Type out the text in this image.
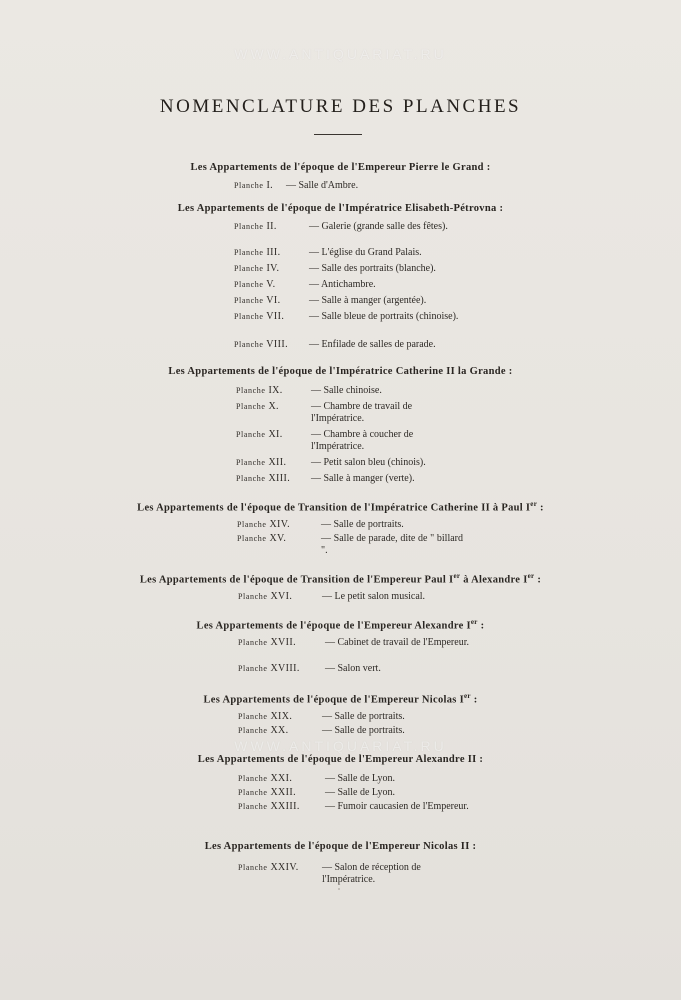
WWW.ANTIQUARIAT.RU
WWW.ANTIQUARIAT.RU
NOMENCLATURE DES PLANCHES
Les Appartements de l'époque de l'Empereur Pierre le Grand :
Planche I. — Salle d'Ambre.
Les Appartements de l'époque de l'Impératrice Elisabeth-Pétrovna :
Planche II.	— Galerie (grande salle des fêtes).
Planche III.	— L'église du Grand Palais.
Planche IV.	— Salle des portraits (blanche).
Planche V.	— Antichambre.
Planche VI.	— Salle à manger (argentée).
Planche VII. — Salle bleue de portraits (chinoise).
Planche VIII. — Enfilade de salles de parade.
Les Appartements de l'époque de l'Impératrice Catherine II la Grande :
Planche IX.	— Salle chinoise.
Planche X.	— Chambre de travail de l'Impératrice.
Planche XI.	— Chambre à coucher de l'Impératrice.
Planche XII. — Petit salon bleu (chinois).
Planche XIII. — Salle à manger (verte).
Les Appartements de l'époque de Transition de l'Impératrice Catherine II à Paul Ier :
Planche XIV.	— Salle de portraits.
Planche XV.	— Salle de parade, dite de " billard ".
Les Appartements de l'époque de Transition de l'Empereur Paul Ier à Alexandre Ier :
Planche XVI.	— Le petit salon musical.
Les Appartements de l'époque de l'Empereur Alexandre Ier :
Planche XVII.	— Cabinet de travail de l'Empereur.
Planche XVIII.	— Salon vert.
Les Appartements de l'époque de l'Empereur Nicolas Ier :
Planche XIX.	— Salle de portraits.
Planche XX.	— Salle de portraits.
Les Appartements de l'époque de l'Empereur Alexandre II :
Planche XXI.	— Salle de Lyon.
Planche XXII.	— Salle de Lyon.
Planche XXIII.	— Fumoir caucasien de l'Empereur.
Les Appartements de l'époque de l'Empereur Nicolas II :
Planche XXIV. — Salon de réception de l'Impératrice.
